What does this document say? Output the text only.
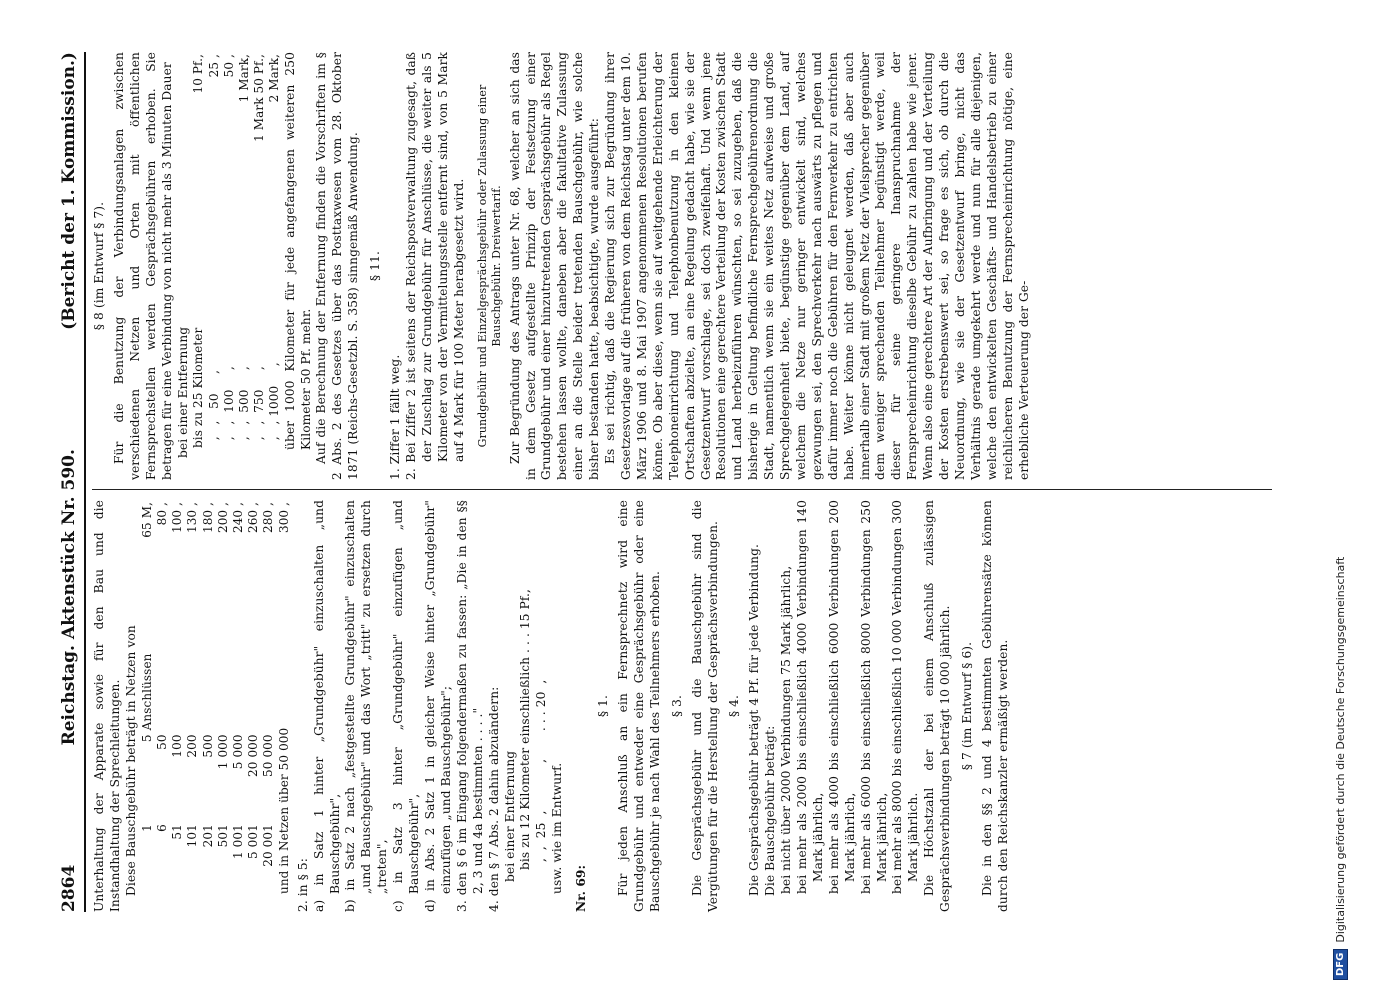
2864
Reichstag. Aktenstück Nr. 590.
(Bericht der 1. Kommission.)

Unterhaltung der Apparate sowie für den Bau und die Instandhaltung der Sprechleitungen. Diese Bauschgebühr beträgt in Netzen von 1	5	Anschlüssen	65 M,
6	50		80 ,
51	100		100 ,
101	200		130 ,
201	500		180 ,
501	1 000		200 ,
1 001	5 000		240 ,
5 001	20 000		260 ,
20 001	50 000		280 ,
und in Netzen über 50 000	300 ,

2. in § 5: a) in Satz 1 hinter „Grundgebühr" einzuschalten „und Bauschgebühr", b) in Satz 2 nach „festgestellte Grundgebühr" einzuschalten „und Bauschgebühr" und das Wort „tritt" zu ersetzen durch „treten", c) in Satz 3 hinter „Grundgebühr" einzufügen „und Bauschgebühr", d) in Abs. 2 Satz 1 in gleicher Weise hinter „Grundgebühr" einzufügen „und Bauschgebühr"; 3. den § 6 im Eingang folgendermaßen zu fassen: „Die in den §§ 2, 3 und 4a bestimmten . . . ." 4. den § 7 Abs. 2 dahin abzuändern: bei einer Entfernung bis zu 12 Kilometer einschließlich . . . 15 Pf., ,  ,  25  ,            ,       . . . 20  , usw. wie im Entwurf. Nr. 69:

§ 1. Für jeden Anschluß an ein Fernsprechnetz wird eine Grundgebühr und entweder eine Gesprächsgebühr oder eine Bauschgebühr je nach Wahl des Teilnehmers erhoben. § 3. Die Gesprächsgebühr und die Bauschgebühr sind die Vergütungen für die Herstellung der Gesprächsverbindungen. § 4. Die Gesprächsgebühr beträgt 4 Pf. für jede Verbindung. Die Bauschgebühr beträgt: bei nicht über 2000 Verbindungen 75 Mark jährlich, bei mehr als 2000 bis einschließlich 4000 Verbindungen 140 Mark jährlich, bei mehr als 4000 bis einschließlich 6000 Verbindungen 200 Mark jährlich, bei mehr als 6000 bis einschließlich 8000 Verbindungen 250 Mark jährlich, bei mehr als 8000 bis einschließlich 10 000 Verbindungen 300 Mark jährlich. Die Höchstzahl der bei einem Anschluß zulässigen Gesprächsverbindungen beträgt 10 000 jährlich. § 7 (im Entwurf § 6). Die in den §§ 2 und 4 bestimmten Gebührensätze können durch den Reichskanzler ermäßigt werden.

§ 8 (im Entwurf § 7). Für die Benutzung der Verbindungsanlagen zwischen verschiedenen Netzen und Orten mit öffentlichen Fernsprechstellen werden Gesprächsgebühren erhoben. Sie betragen für eine Verbindung von nicht mehr als 3 Minuten Dauer bei einer Entfernung bis zu 25 Kilometer	10 Pf.,
,   ,   50     ,	25 ,
,   ,  100     ,	50 ,
,   ,  500     ,	1 Mark,
,   ,  750     ,	1 Mark 50 Pf.,
,   , 1000     ,	2 Mark, über 1000 Kilometer für jede angefangenen weiteren 250 Kilometer 50 Pf. mehr. Auf die Berechnung der Entfernung finden die Vorschriften im § 2 Abs. 2 des Gesetzes über das Posttaxwesen vom 28. Oktober 1871 (Reichs-Gesetzbl. S. 358) sinngemäß Anwendung. § 11.

1. Ziffer 1 fällt weg. 2. Bei Ziffer 2 ist seitens der Reichspostverwaltung zugesagt, daß der Zuschlag zur Grundgebühr für Anschlüsse, die weiter als 5 Kilometer von der Vermittelungsstelle entfernt sind, von 5 Mark auf 4 Mark für 100 Meter herabgesetzt wird. Grundgebühr und Einzelgesprächsgebühr oder Zulassung einer Bauschgebühr. Dreiwertarif. Zur Begründung des Antrags unter Nr. 68, welcher an sich das in dem Gesetz aufgestellte Prinzip der Festsetzung einer Grundgebühr und einer hinzutretenden Gesprächsgebühr als Regel bestehen lassen wollte, daneben aber die fakultative Zulassung einer an die Stelle beider tretenden Bauschgebühr, wie solche bisher bestanden hatte, beabsichtigte, wurde ausgeführt: Es sei richtig, daß die Regierung sich zur Begründung ihrer Gesetzesvorlage auf die früheren von dem Reichstag unter dem 10. März 1906 und 8. Mai 1907 angenommenen Resolutionen berufen könne. Ob aber diese, wenn sie auf weitgehende Erleichterung der Telephoneinrichtung und Telephonbenutzung in den kleinen Ortschaften abzielte, an eine Regelung gedacht habe, wie sie der Gesetzentwurf vorschlage, sei doch zweifelhaft. Und wenn jene Resolutionen eine gerechtere Verteilung der Kosten zwischen Stadt und Land herbeizuführen wünschten, so sei zuzugeben, daß die bisherige in Geltung befindliche Fernsprechgebührenordnung die Stadt, namentlich wenn sie ein weites Netz aufweise und große Sprechgelegenheit biete, begünstige gegenüber dem Land, auf welchem die Netze nur geringer entwickelt sind, welches gezwungen sei, den Sprechverkehr nach auswärts zu pflegen und dafür immer noch die Gebühren für den Fernverkehr zu entrichten habe. Weiter könne nicht geleugnet werden, daß aber auch innerhalb einer Stadt mit großem Netz der Vielsprecher gegenüber dem weniger sprechenden Teilnehmer begünstigt werde, weil dieser für seine geringere Inanspruchnahme der Fernsprecheinrichtung dieselbe Gebühr zu zahlen habe wie jener. Wenn also eine gerechtere Art der Aufbringung und der Verteilung der Kosten erstrebenswert sei, so frage es sich, ob durch die Neuordnung, wie sie der Gesetzentwurf bringe, nicht das Verhältnis gerade umgekehrt werde und nun für alle diejenigen, welche den entwickelten Geschäfts- und Handelsbetrieb zu einer reichlicheren Benutzung der Fernsprecheinrichtung nötige, eine erhebliche Verteuerung der Ge-

DFG
Digitalisierung gefördert durch die Deutsche Forschungsgemeinschaft
